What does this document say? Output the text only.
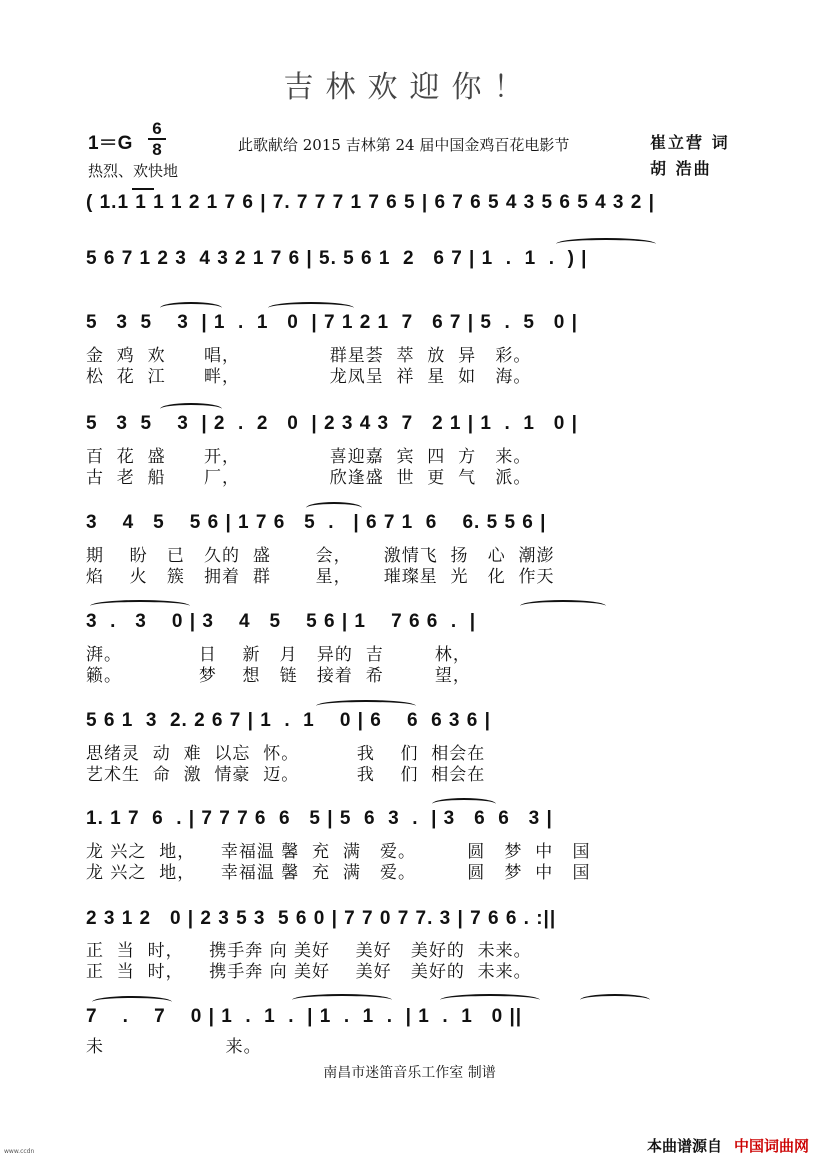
吉林欢迎你！
1＝G
6
8	此歌献给 2015 吉林第 24 届中国金鸡百花电影节	崔立营 词
胡 浩曲
热烈、欢快地
( 1.1 1 1 1 2 1 7 6 | 7. 7 7 7 1 7 6 5 | 6 7 6 5 4 3 5 6 5 4 3 2 |
5 6 7 1 2 3  4 3 2 1 7 6 | 5. 5 6 1  2   6 7 | 1  .  1  .  ) |
5   3  5    3  | 1  .  1   0  | 7 1 2 1  7   6 7 | 5  .  5   0 |
金  鸡  欢      唱，              群星荟  萃  放  异   彩。
松  花  江      畔，              龙凤呈  祥  星  如   海。
5   3  5    3  | 2  .  2   0  | 2 3 4 3  7   2 1 | 1  .  1   0 |
百  花  盛      开，              喜迎嘉  宾  四  方   来。
古  老  船      厂，              欣逢盛  世  更  气   派。
3    4   5    5 6 | 1 7 6   5  .   | 6 7 1  6    6. 5 5 6 |
期    盼   已   久的  盛       会，     激情飞  扬   心  潮澎
焰    火   簇   拥着  群       星，     璀璨星  光   化  作天
3  .   3    0 | 3    4   5    5 6 | 1    7 6 6  .  |
湃。            日    新   月   异的  吉        林，
籁。            梦    想   链   接着  希        望，
5 6 1  3  2. 2 6 7 | 1  .  1    0 | 6    6  6 3 6 |
思绪灵  动  难  以忘  怀。         我    们  相会在
艺术生  命  激  情豪  迈。         我    们  相会在
1. 1 7  6  . | 7 7 7 6  6   5 | 5  6  3  .  | 3   6  6   3 |
龙 兴之  地，    幸福温 馨  充  满   爱。        圆   梦  中   国
龙 兴之  地，    幸福温 馨  充  满   爱。        圆   梦  中   国
2 3 1 2   0 | 2 3 5 3  5 6 0 | 7 7 0 7 7. 3 | 7 6 6 . :||
正  当  时，    携手奔 向 美好    美好   美好的  未来。
正  当  时，    携手奔 向 美好    美好   美好的  未来。
7    .    7    0 | 1  .  1  .  | 1  .  1  .  | 1  .  1   0 ||
未                   来。
南昌市迷笛音乐工作室 制谱
本曲谱源自 中国词曲网
www.ccdn
